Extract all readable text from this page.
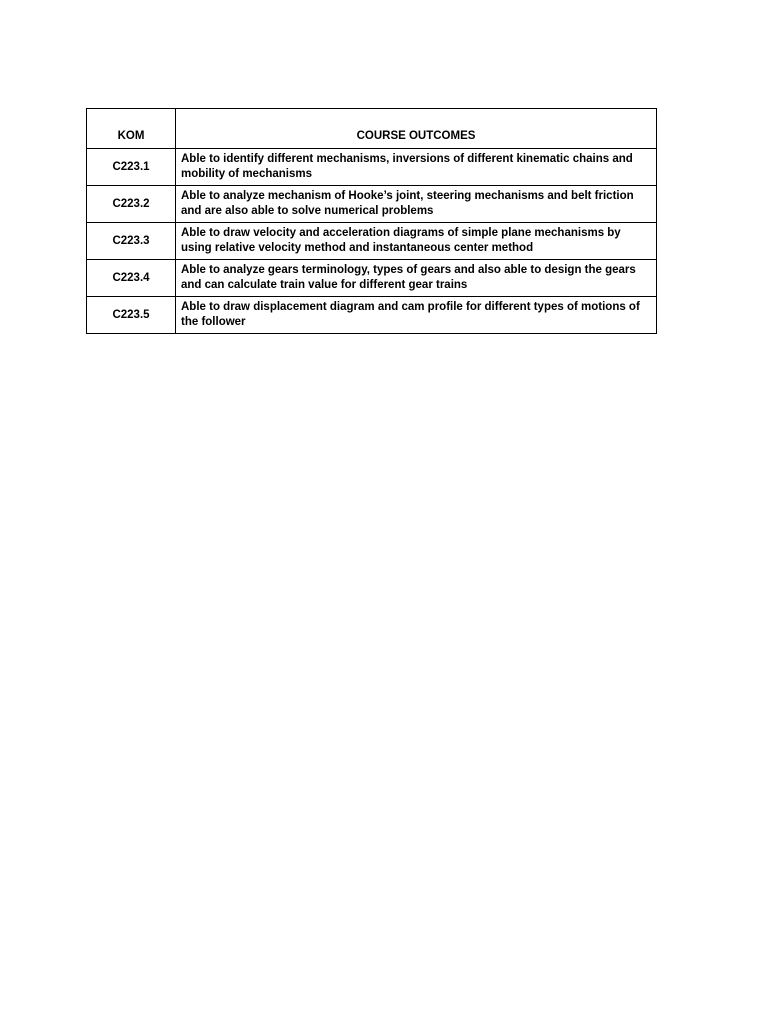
KOM	COURSE OUTCOMES
C223.1	Able to identify different mechanisms, inversions of different kinematic chains and mobility of mechanisms
C223.2	Able to analyze mechanism of Hooke’s joint, steering mechanisms and belt friction and are also able to solve numerical problems
C223.3	Able to draw velocity and acceleration diagrams of simple plane mechanisms by using relative velocity method and instantaneous center method
C223.4	Able to analyze gears terminology, types of gears and also able to design the gears and can calculate train value for different gear trains
C223.5	Able to draw displacement diagram and cam profile for different types of motions of the follower
